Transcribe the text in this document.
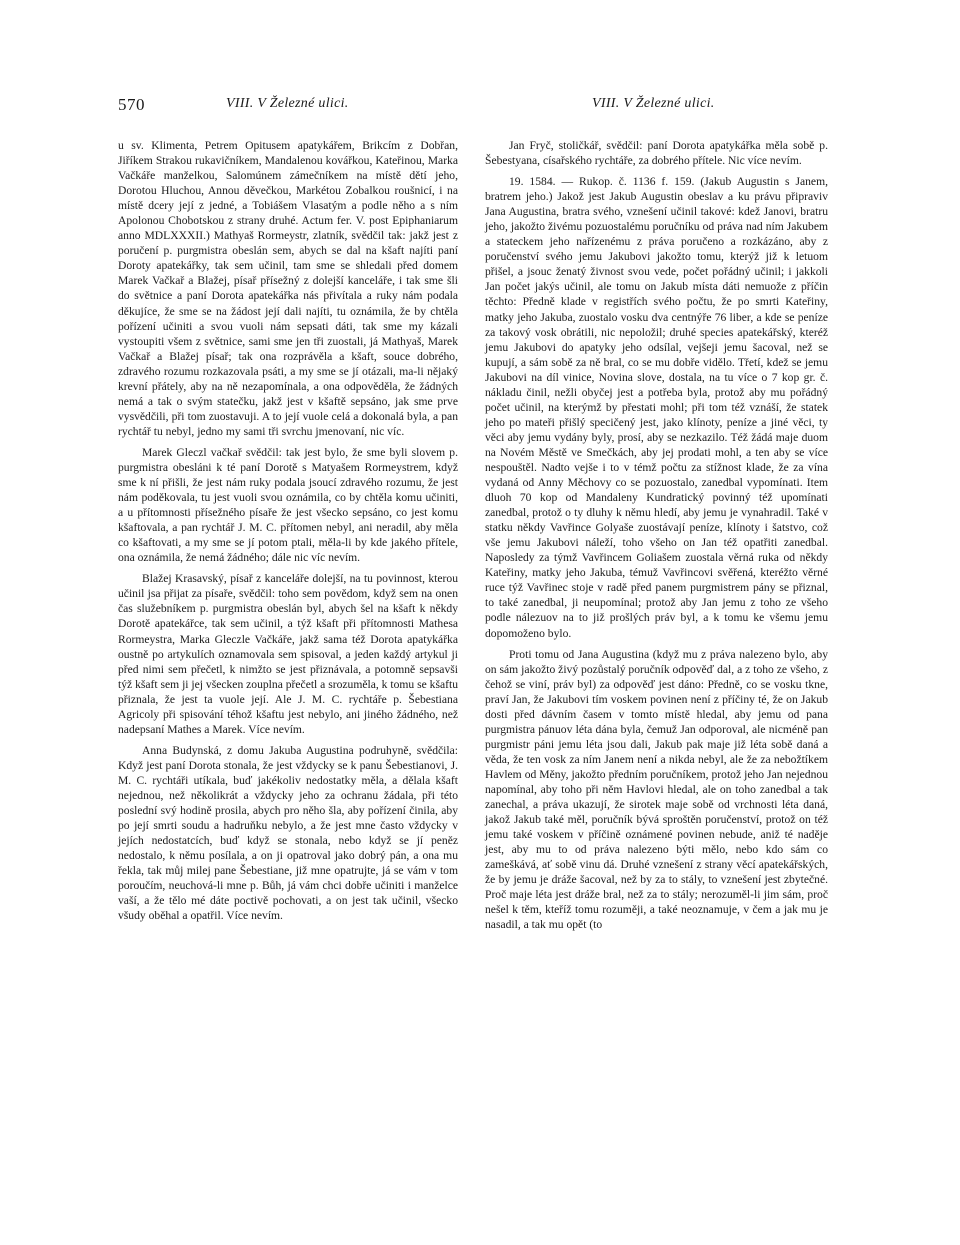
570	VIII. V Železné ulici.	VIII. V Železné ulici.

u sv. Klimenta, Petrem Opitusem apatykářem, Brikcím z Dobřan, Jiříkem Strakou rukavičníkem, Mandalenou kovářkou, Kateřinou, Marka Vačkáře manželkou, Salomúnem zámečníkem na místě dětí jeho, Dorotou Hluchou, Annou děvečkou, Markétou Zobalkou roušnicí, i na místě dcery její z jedné, a Tobiášem Vlasatým a podle něho a s ním Apolonou Chobotskou z strany druhé. Actum fer. V. post Epiphaniarum anno MDLXXXII.) Mathyaš Rormeystr, zlatník, svědčil tak: jakž jest z poručení p. purgmistra obeslán sem, abych se dal na kšaft najíti paní Doroty apatekářky, tak sem učinil, tam sme se shledali před domem Marek Vačkař a Blažej, písař přísežný z dolejší kanceláře, i tak sme šli do světnice a paní Dorota apatekářka nás přivítala a ruky nám podala děkujíce, že sme se na žádost její dali najíti, tu oznámila, že by chtěla pořízení učiniti a svou vuoli nám sepsati dáti, tak sme my kázali vystoupiti všem z světnice, sami sme jen tři zuostali, já Mathyaš, Marek Vačkař a Blažej písař; tak ona rozprávěla a kšaft, souce dobrého, zdravého rozumu rozkazovala psáti, a my sme se jí otázali, ma-li nějaký krevní přátely, aby na ně nezapomínala, a ona odpověděla, že žádných nemá a tak o svým statečku, jakž jest v kšaftě sepsáno, jak sme prve vysvědčili, při tom zuostavuji. A to její vuole celá a dokonalá byla, a pan rychtář tu nebyl, jedno my sami tři svrchu jmenovaní, nic víc.

Marek Gleczl vačkař svědčil: tak jest bylo, že sme byli slovem p. purgmistra obesláni k té paní Dorotě s Matyašem Rormeystrem, když sme k ní přišli, že jest nám ruky podala jsoucí zdravého rozumu, že jest nám poděkovala, tu jest vuoli svou oznámila, co by chtěla komu učiniti, a u přítomnosti přísežného písaře že jest všecko sepsáno, co jest komu kšaftovala, a pan rychtář J. M. C. přítomen nebyl, ani neradil, aby měla co kšaftovati, a my sme se jí potom ptali, měla-li by kde jakého přítele, ona oznámila, že nemá žádného; dále nic víc nevím.

Blažej Krasavský, písař z kanceláře dolejší, na tu povinnost, kterou učinil jsa přijat za písaře, svědčil: toho sem povědom, když sem na onen čas služebníkem p. purgmistra obeslán byl, abych šel na kšaft k někdy Dorotě apatekářce, tak sem učinil, a týž kšaft při přítomnosti Mathesa Rormeystra, Marka Gleczle Vačkáře, jakž sama též Dorota apatykářka oustně po artykulích oznamovala sem spisoval, a jeden každý artykul ji před nimi sem přečetl, k nimžto se jest přiznávala, a potomně sepsavši týž kšaft sem ji jej všecken zouplna přečetl a srozuměla, k tomu se kšaftu přiznala, že jest ta vuole její. Ale J. M. C. rychtáře p. Šebestiana Agricoly při spisování téhož kšaftu jest nebylo, ani jiného žádného, než nadepsaní Mathes a Marek. Více nevím.

Anna Budynská, z domu Jakuba Augustina podruhyně, svědčila: Když jest paní Dorota stonala, že jest vždycky se k panu Šebestianovi, J. M. C. rychtáři utíkala, buď jakékoliv nedostatky měla, a dělala kšaft nejednou, než několikrát a vždycky jeho za ochranu žádala, při této poslední svý hodině prosila, abych pro něho šla, aby pořízení činila, aby po její smrti soudu a hadruňku nebylo, a že jest mne často vždycky v jejích nedostatcích, buď když se stonala, nebo když se jí peněz nedostalo, k němu posílala, a on ji opatroval jako dobrý pán, a ona mu řekla, tak můj milej pane Šebestiane, již mne opatrujte, já se vám v tom poroučím, neuchová-li mne p. Bůh, já vám chci dobře učiniti i manželce vaší, a že tělo mé dáte poctivě pochovati, a on jest tak učinil, všecko všudy oběhal a opatřil. Více nevím.

Jan Fryč, stoličkář, svědčil: paní Dorota apatykářka měla sobě p. Šebestyana, císařského rychtáře, za dobrého přítele. Nic více nevím.

19. 1584. — Rukop. č. 1136 f. 159. (Jakub Augustin s Janem, bratrem jeho.) Jakož jest Jakub Augustin obeslav a ku právu připraviv Jana Augustina, bratra svého, vznešení učinil takové: kdež Janovi, bratru jeho, jakožto živému pozuostalému poručníku od práva nad ním Jakubem a stateckem jeho nařízenému z práva poručeno a rozkázáno, aby z poručenství svého jemu Jakubovi jakožto tomu, kterýž již k letuom přišel, a jsouc ženatý živnost svou vede, počet pořádný učinil; i jakkoli Jan počet jakýs učinil, ale tomu on Jakub místa dáti nemuože z příčin těchto: Předně klade v registřích svého počtu, že po smrti Kateřiny, matky jeho Jakuba, zuostalo vosku dva centnýře 76 liber, a kde se peníze za takový vosk obrátili, nic nepoložil; druhé species apatekářský, kteréž jemu Jakubovi do apatyky jeho odsílal, vejšeji jemu šacoval, než se kupují, a sám sobě za ně bral, co se mu dobře vidělo. Třetí, kdež se jemu Jakubovi na díl vinice, Novina slove, dostala, na tu více o 7 kop gr. č. nákladu činil, nežli obyčej jest a potřeba byla, protož aby mu pořádný počet učinil, na kterýmž by přestati mohl; při tom též vznáší, že statek jeho po mateři přišlý specičený jest, jako klínoty, peníze a jiné věci, ty věci aby jemu vydány byly, prosí, aby se nezkazilo. Též žádá maje duom na Novém Městě ve Smečkách, aby jej prodati mohl, a ten aby se více nespouštěl. Nadto vejše i to v témž počtu za stížnost klade, že za vína vydaná od Anny Měchovy co se pozuostalo, zanedbal vypomínati. Item dluoh 70 kop od Mandaleny Kundratický povinný též upomínati zanedbal, protož o ty dluhy k němu hledí, aby jemu je vynahradil. Také v statku někdy Vavřince Golyaše zuostávají peníze, klínoty i šatstvo, což vše jemu Jakubovi náleží, toho všeho on Jan též opatřiti zanedbal. Naposledy za týmž Vavřincem Goliašem zuostala věrná ruka od někdy Kateřiny, matky jeho Jakuba, témuž Vavřincovi svěřená, kteréžto věrné ruce týž Vavřinec stoje v radě před panem purgmistrem pány se přiznal, to také zanedbal, ji neupomínal; protož aby Jan jemu z toho ze všeho podle nálezuov na to již prošlých práv byl, a k tomu ke všemu jemu dopomoženo bylo.

Proti tomu od Jana Augustina (když mu z práva nalezeno bylo, aby on sám jakožto živý pozůstalý poručník odpověď dal, a z toho ze všeho, z čehož se viní, práv byl) za odpověď jest dáno: Předně, co se vosku tkne, praví Jan, že Jakubovi tím voskem povinen není z příčiny té, že on Jakub dosti před dávním časem v tomto místě hledal, aby jemu od pana purgmistra pánuov léta dána byla, čemuž Jan odporoval, ale nicméně pan purgmistr páni jemu léta jsou dali, Jakub pak maje již léta sobě daná a věda, že ten vosk za ním Janem není a nikda nebyl, ale že za nebožtíkem Havlem od Měny, jakožto předním poručníkem, protož jeho Jan nejednou napomínal, aby toho při něm Havlovi hledal, ale on toho zanedbal a tak zanechal, a práva ukazují, že sirotek maje sobě od vrchnosti léta daná, jakož Jakub také měl, poručník bývá sproštěn poručenství, protož on též jemu také voskem v příčině oznámené povinen nebude, aniž té naděje jest, aby mu to od práva nalezeno býti mělo, nebo kdo sám co zameškává, ať sobě vinu dá. Druhé vznešení z strany věcí apatekářských, že by jemu je dráže šacoval, než by za to stály, to vznešení jest zbytečné. Proč maje léta jest dráže bral, než za to stály; nerozuměl-li jim sám, proč nešel k těm, kteříž tomu rozuměji, a také neoznamuje, v čem a jak mu je nasadil, a tak mu opět (to
